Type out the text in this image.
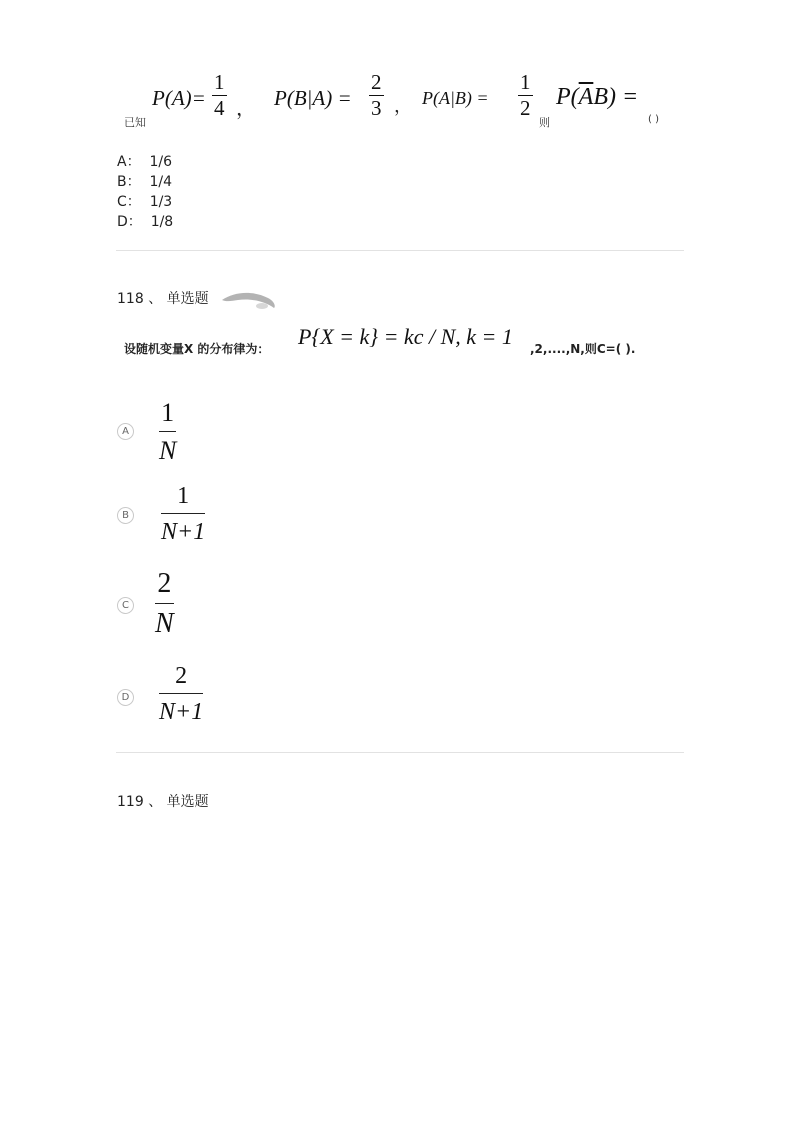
已知
$P(A)= \frac{1}{4}$ ， $P(B|A) = \frac{2}{3}$ ， $P(A|B) = \frac{1}{2}$
则
$P(\overline{A}B)$ =
( )
A： 1/6
B： 1/4
C： 1/3
D： 1/8
118 、 单选题
设随机变量X 的分布律为： P{X = k} = kc / N, k = 1 ,2,....,N,则C=( ).
A $\frac{1}{N}$
B $\frac{1}{N+1}$
C $\frac{2}{N}$
D $\frac{2}{N+1}$
119 、 单选题
